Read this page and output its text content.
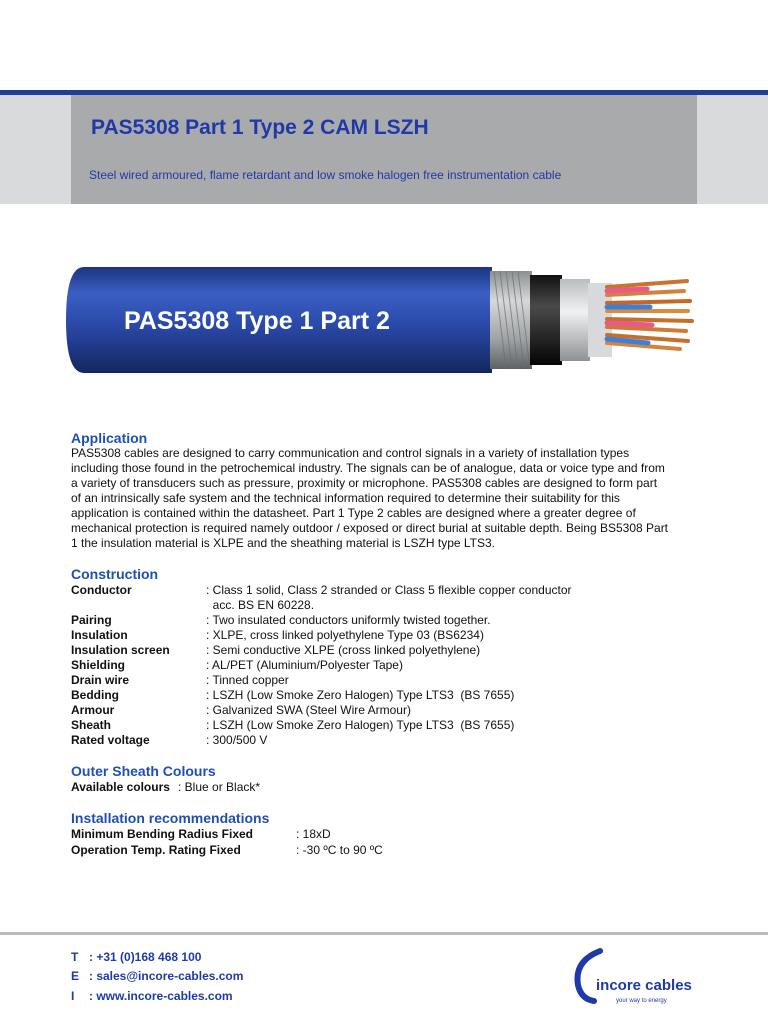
PAS5308 Part 1 Type 2 CAM LSZH
Steel wired armoured, flame retardant and low smoke halogen free instrumentation cable
PAS5308 Type 1 Part 2
Application
PAS5308 cables are designed to carry communication and control signals in a variety of installation types
including those found in the petrochemical industry. The signals can be of analogue, data or voice type and from
a variety of transducers such as pressure, proximity or microphone. PAS5308 cables are designed to form part
of an intrinsically safe system and the technical information required to determine their suitability for this
application is contained within the datasheet. Part 1 Type 2 cables are designed where a greater degree of
mechanical protection is required namely outdoor / exposed or direct burial at suitable depth. Being BS5308 Part
1 the insulation material is XLPE and the sheathing material is LSZH type LTS3.
Construction
Conductor	: Class 1 solid, Class 2 stranded or Class 5 flexible copper conductor
acc. BS EN 60228.
Pairing	: Two insulated conductors uniformly twisted together.
Insulation	: XLPE, cross linked polyethylene Type 03 (BS6234)
Insulation screen	: Semi conductive XLPE (cross linked polyethylene)
Shielding	: AL/PET (Aluminium/Polyester Tape)
Drain wire	: Tinned copper
Bedding	: LSZH (Low Smoke Zero Halogen) Type LTS3  (BS 7655)
Armour	: Galvanized SWA (Steel Wire Armour)
Sheath	: LSZH (Low Smoke Zero Halogen) Type LTS3  (BS 7655)
Rated voltage	: 300/500 V
Outer Sheath Colours
Available colours : Blue or Black*
Installation recommendations
Minimum Bending Radius Fixed	: 18xD
Operation Temp. Rating Fixed	: -30 ºC to 90 ºC
T : +31 (0)168 468 100
E : sales@incore-cables.com
I : www.incore-cables.com
incore cables
your way to energy
